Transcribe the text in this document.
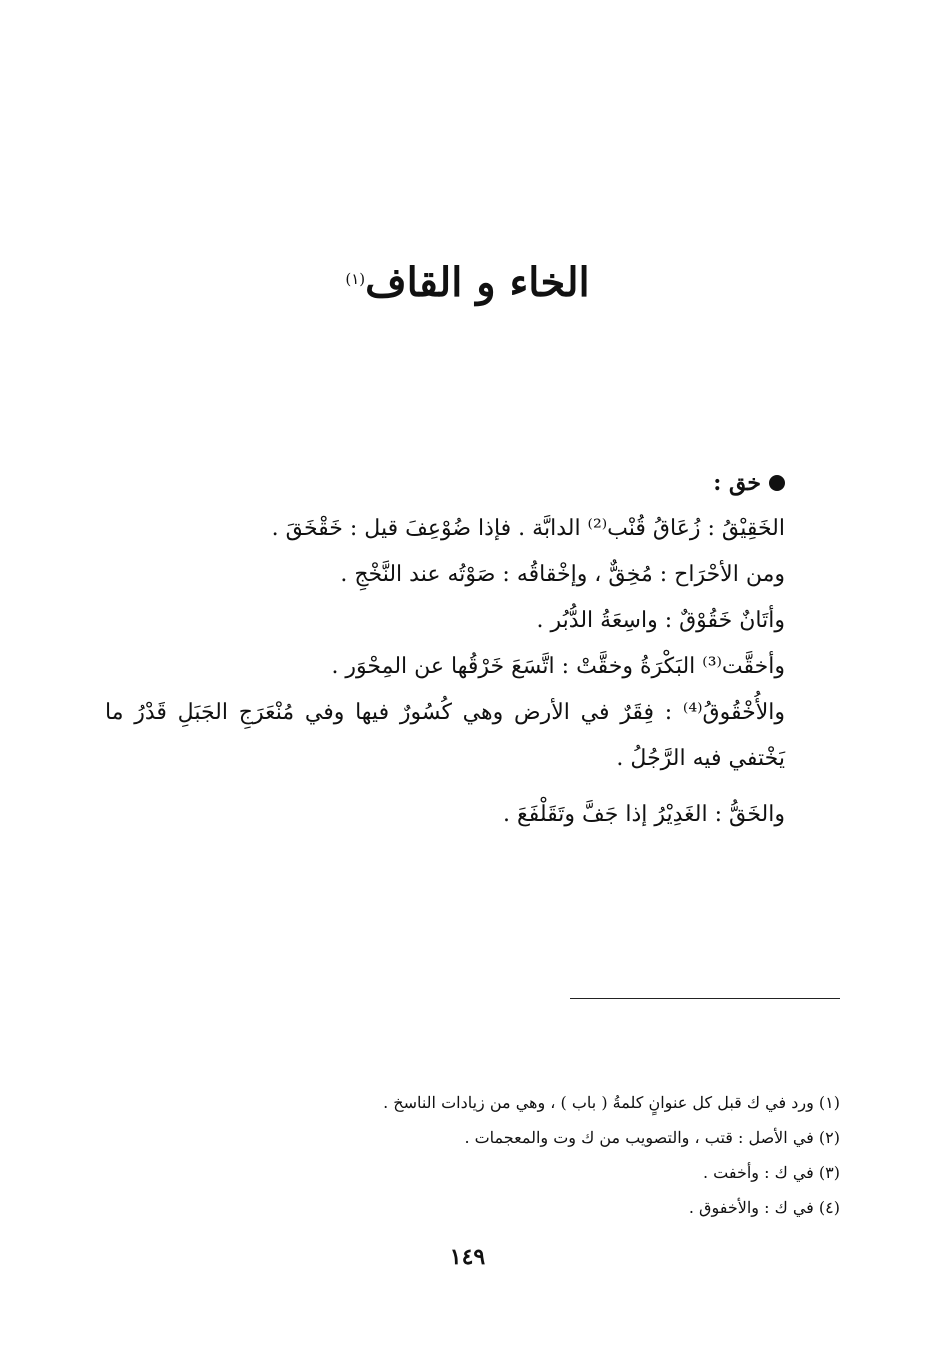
الخاء و القاف$^{(١)}$
خق :
الخَقِيْقُ : زُعَاقُ قُنْب⁽²⁾ الدابَّة . فإذا ضُوْعِفَ قيل : خَقْخَقَ .
ومن الأحْرَاح : مُخِقٌّ ، وإخْقاقُه : صَوْتُه عند النَّخْجِ .
وأتَانٌ خَقُوْقٌ : واسِعَةُ الدُّبُر .
وأخقَّت⁽³⁾ البَكْرَةُ وخقَّتْ : اتَّسَعَ خَرْقُها عن المِحْوَر .
والأُخْقُوقُ⁽⁴⁾ : فِقَرٌ في الأرض وهي كُسُورٌ فيها وفي مُنْعَرَجِ الجَبَلِ قَدْرُ ما يَخْتفي فيه الرَّجُلُ .
والخَقُّ : الغَدِيْرُ إذا جَفَّ وتَقَلْفَعَ .
(١) ورد في ك قبل كل عنوانٍ كلمةُ ( باب ) ، وهي من زيادات الناسخ .
(٢) في الأصل : قتب ، والتصويب من ك وت والمعجمات .
(٣) في ك : وأخفت .
(٤) في ك : والأخفوق .
١٤٩
